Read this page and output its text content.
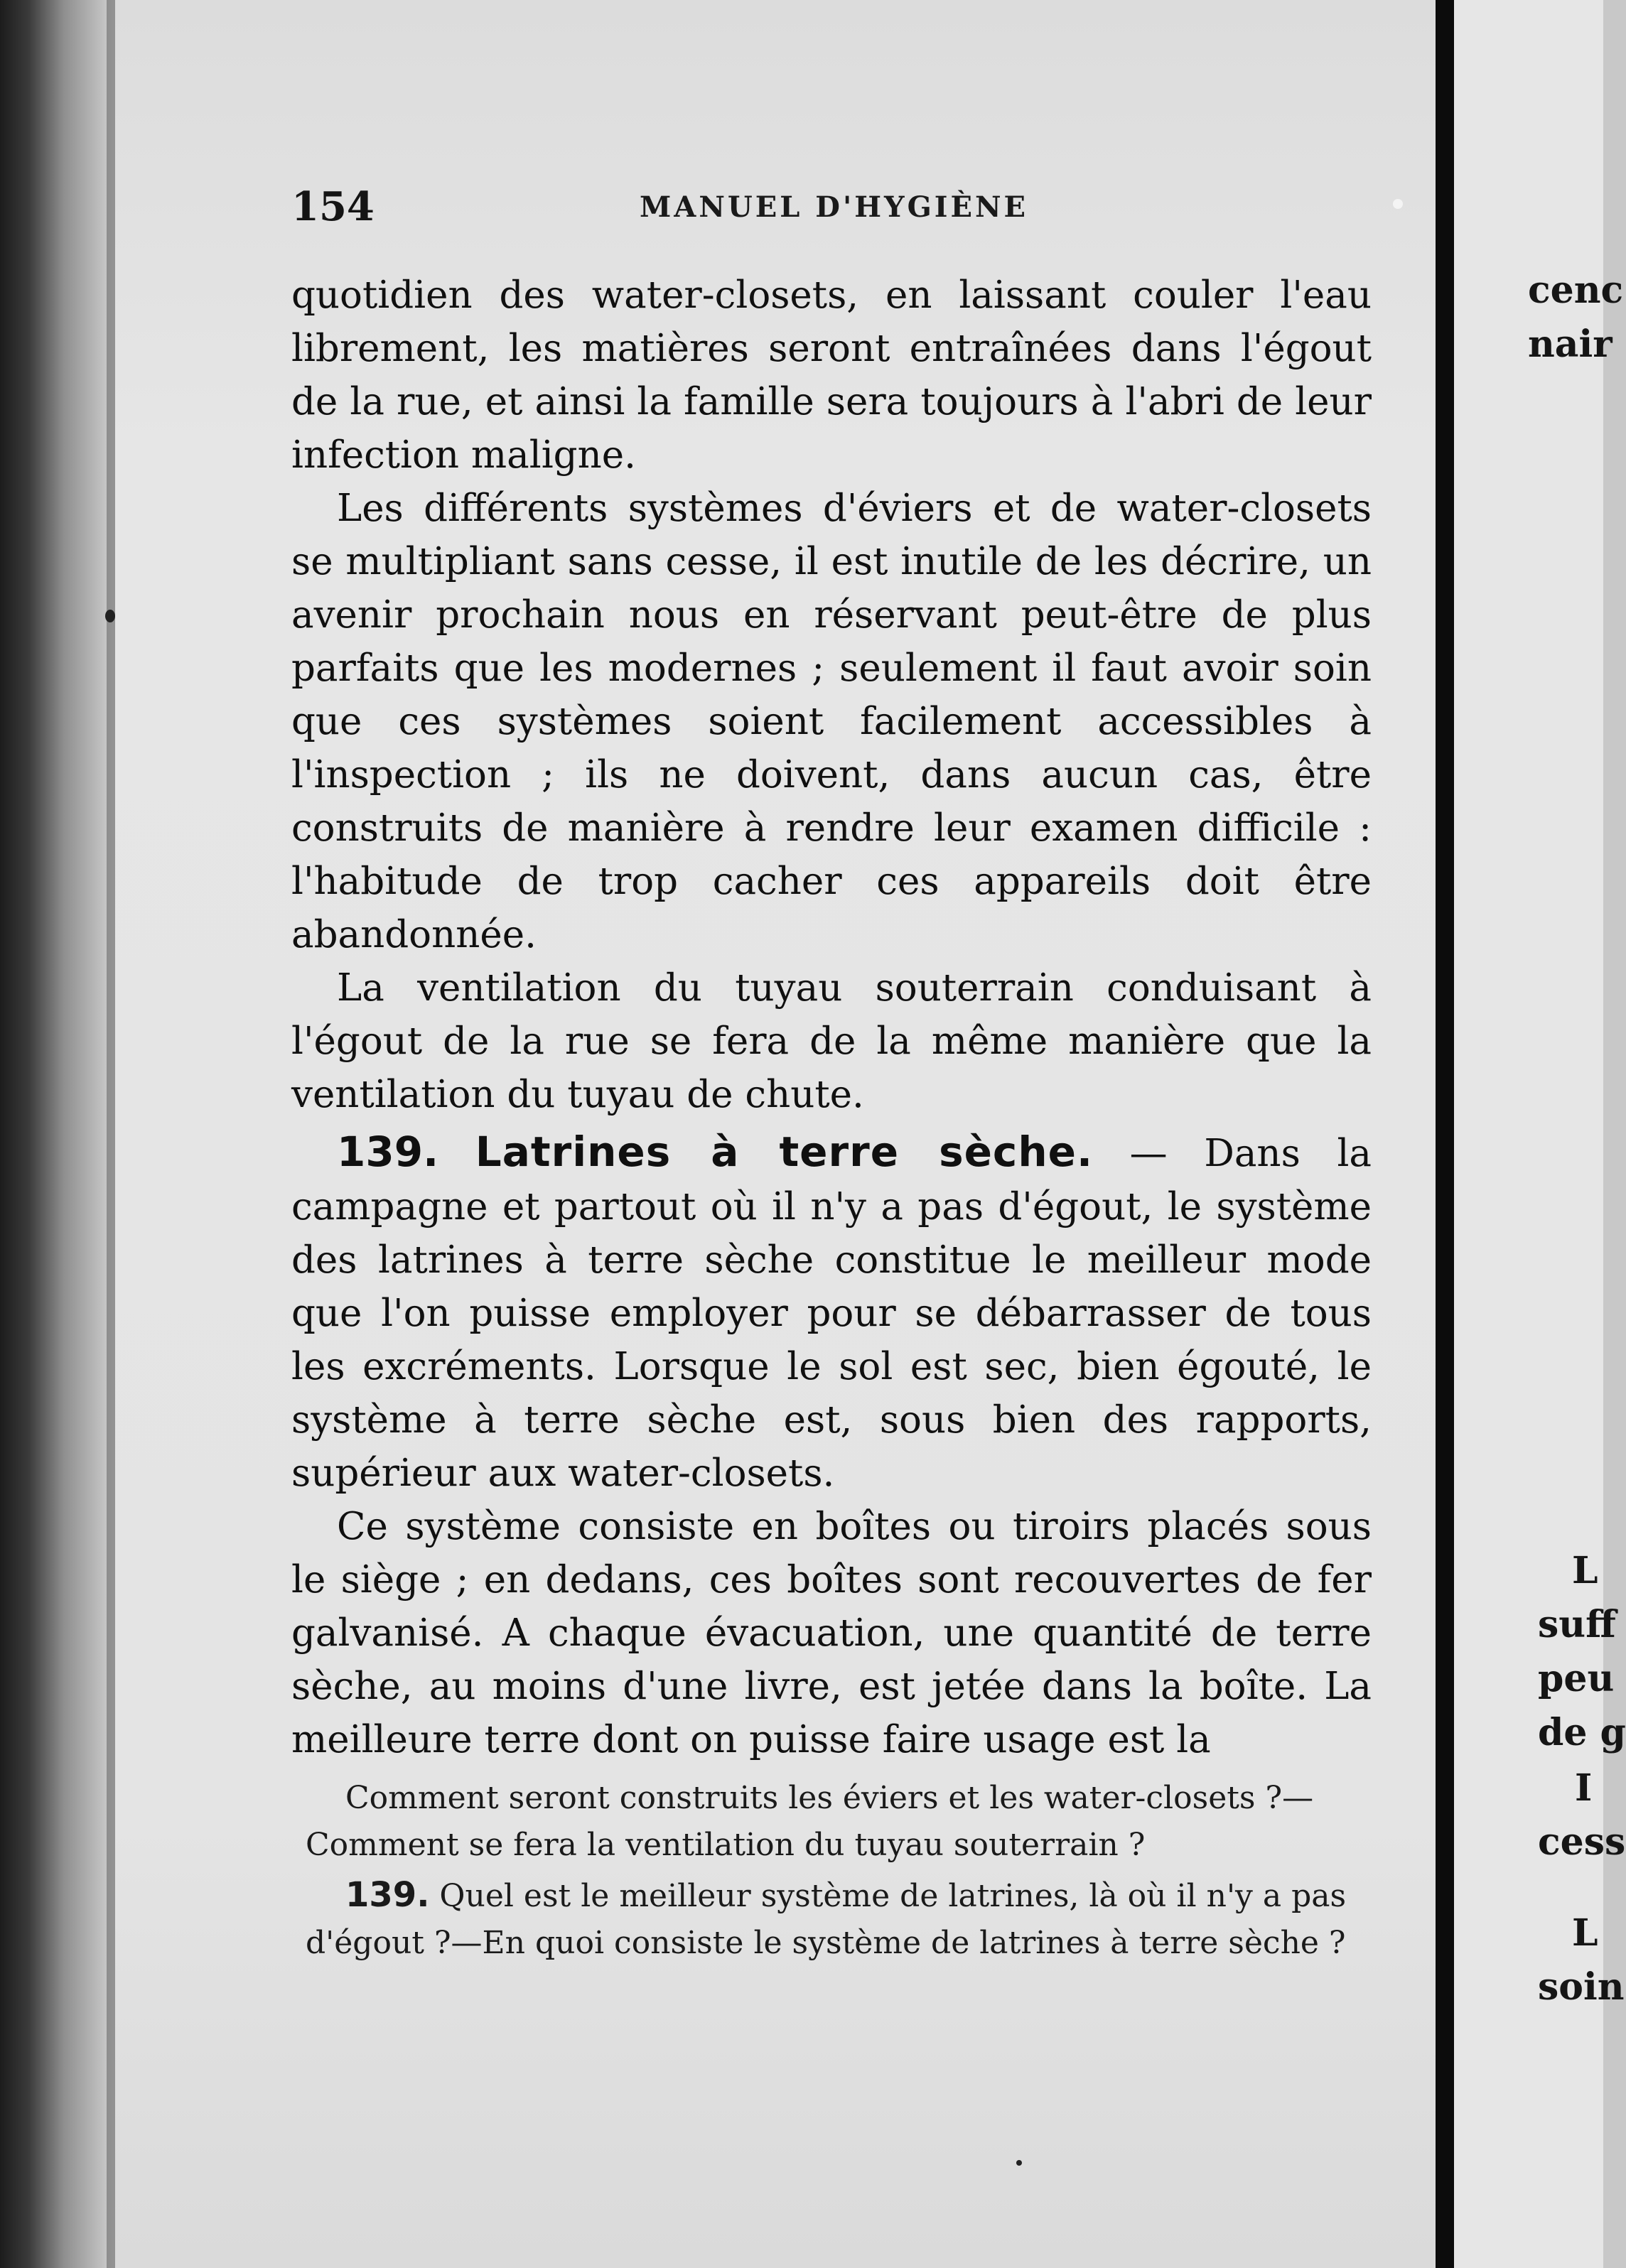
cenc
nair
L
suff
peu
de g
I
cess
L
soin
154	MANUEL D'HYGIÈNE

quotidien des water-closets, en laissant couler l'eau librement, les matières seront entraînées dans l'égout de la rue, et ainsi la famille sera toujours à l'abri de leur infection maligne.

Les différents systèmes d'éviers et de water-closets se multipliant sans cesse, il est inutile de les décrire, un avenir prochain nous en réservant peut-être de plus parfaits que les modernes ; seulement il faut avoir soin que ces systèmes soient facilement accessibles à l'inspection ; ils ne doivent, dans aucun cas, être construits de manière à rendre leur examen difficile : l'habitude de trop cacher ces appareils doit être abandonnée.

La ventilation du tuyau souterrain conduisant à l'égout de la rue se fera de la même manière que la ventilation du tuyau de chute.

139. Latrines à terre sèche. — Dans la campagne et partout où il n'y a pas d'égout, le système des latrines à terre sèche constitue le meilleur mode que l'on puisse employer pour se débarrasser de tous les excréments. Lorsque le sol est sec, bien égouté, le système à terre sèche est, sous bien des rapports, supérieur aux water-closets.

Ce système consiste en boîtes ou tiroirs placés sous le siège ; en dedans, ces boîtes sont recouvertes de fer galvanisé. A chaque évacuation, une quantité de terre sèche, au moins d'une livre, est jetée dans la boîte. La meilleure terre dont on puisse faire usage est la

Comment seront construits les éviers et les water-closets ?— Comment se fera la ventilation du tuyau souterrain ?

139. Quel est le meilleur système de latrines, là où il n'y a pas d'égout ?—En quoi consiste le système de latrines à terre sèche ?
